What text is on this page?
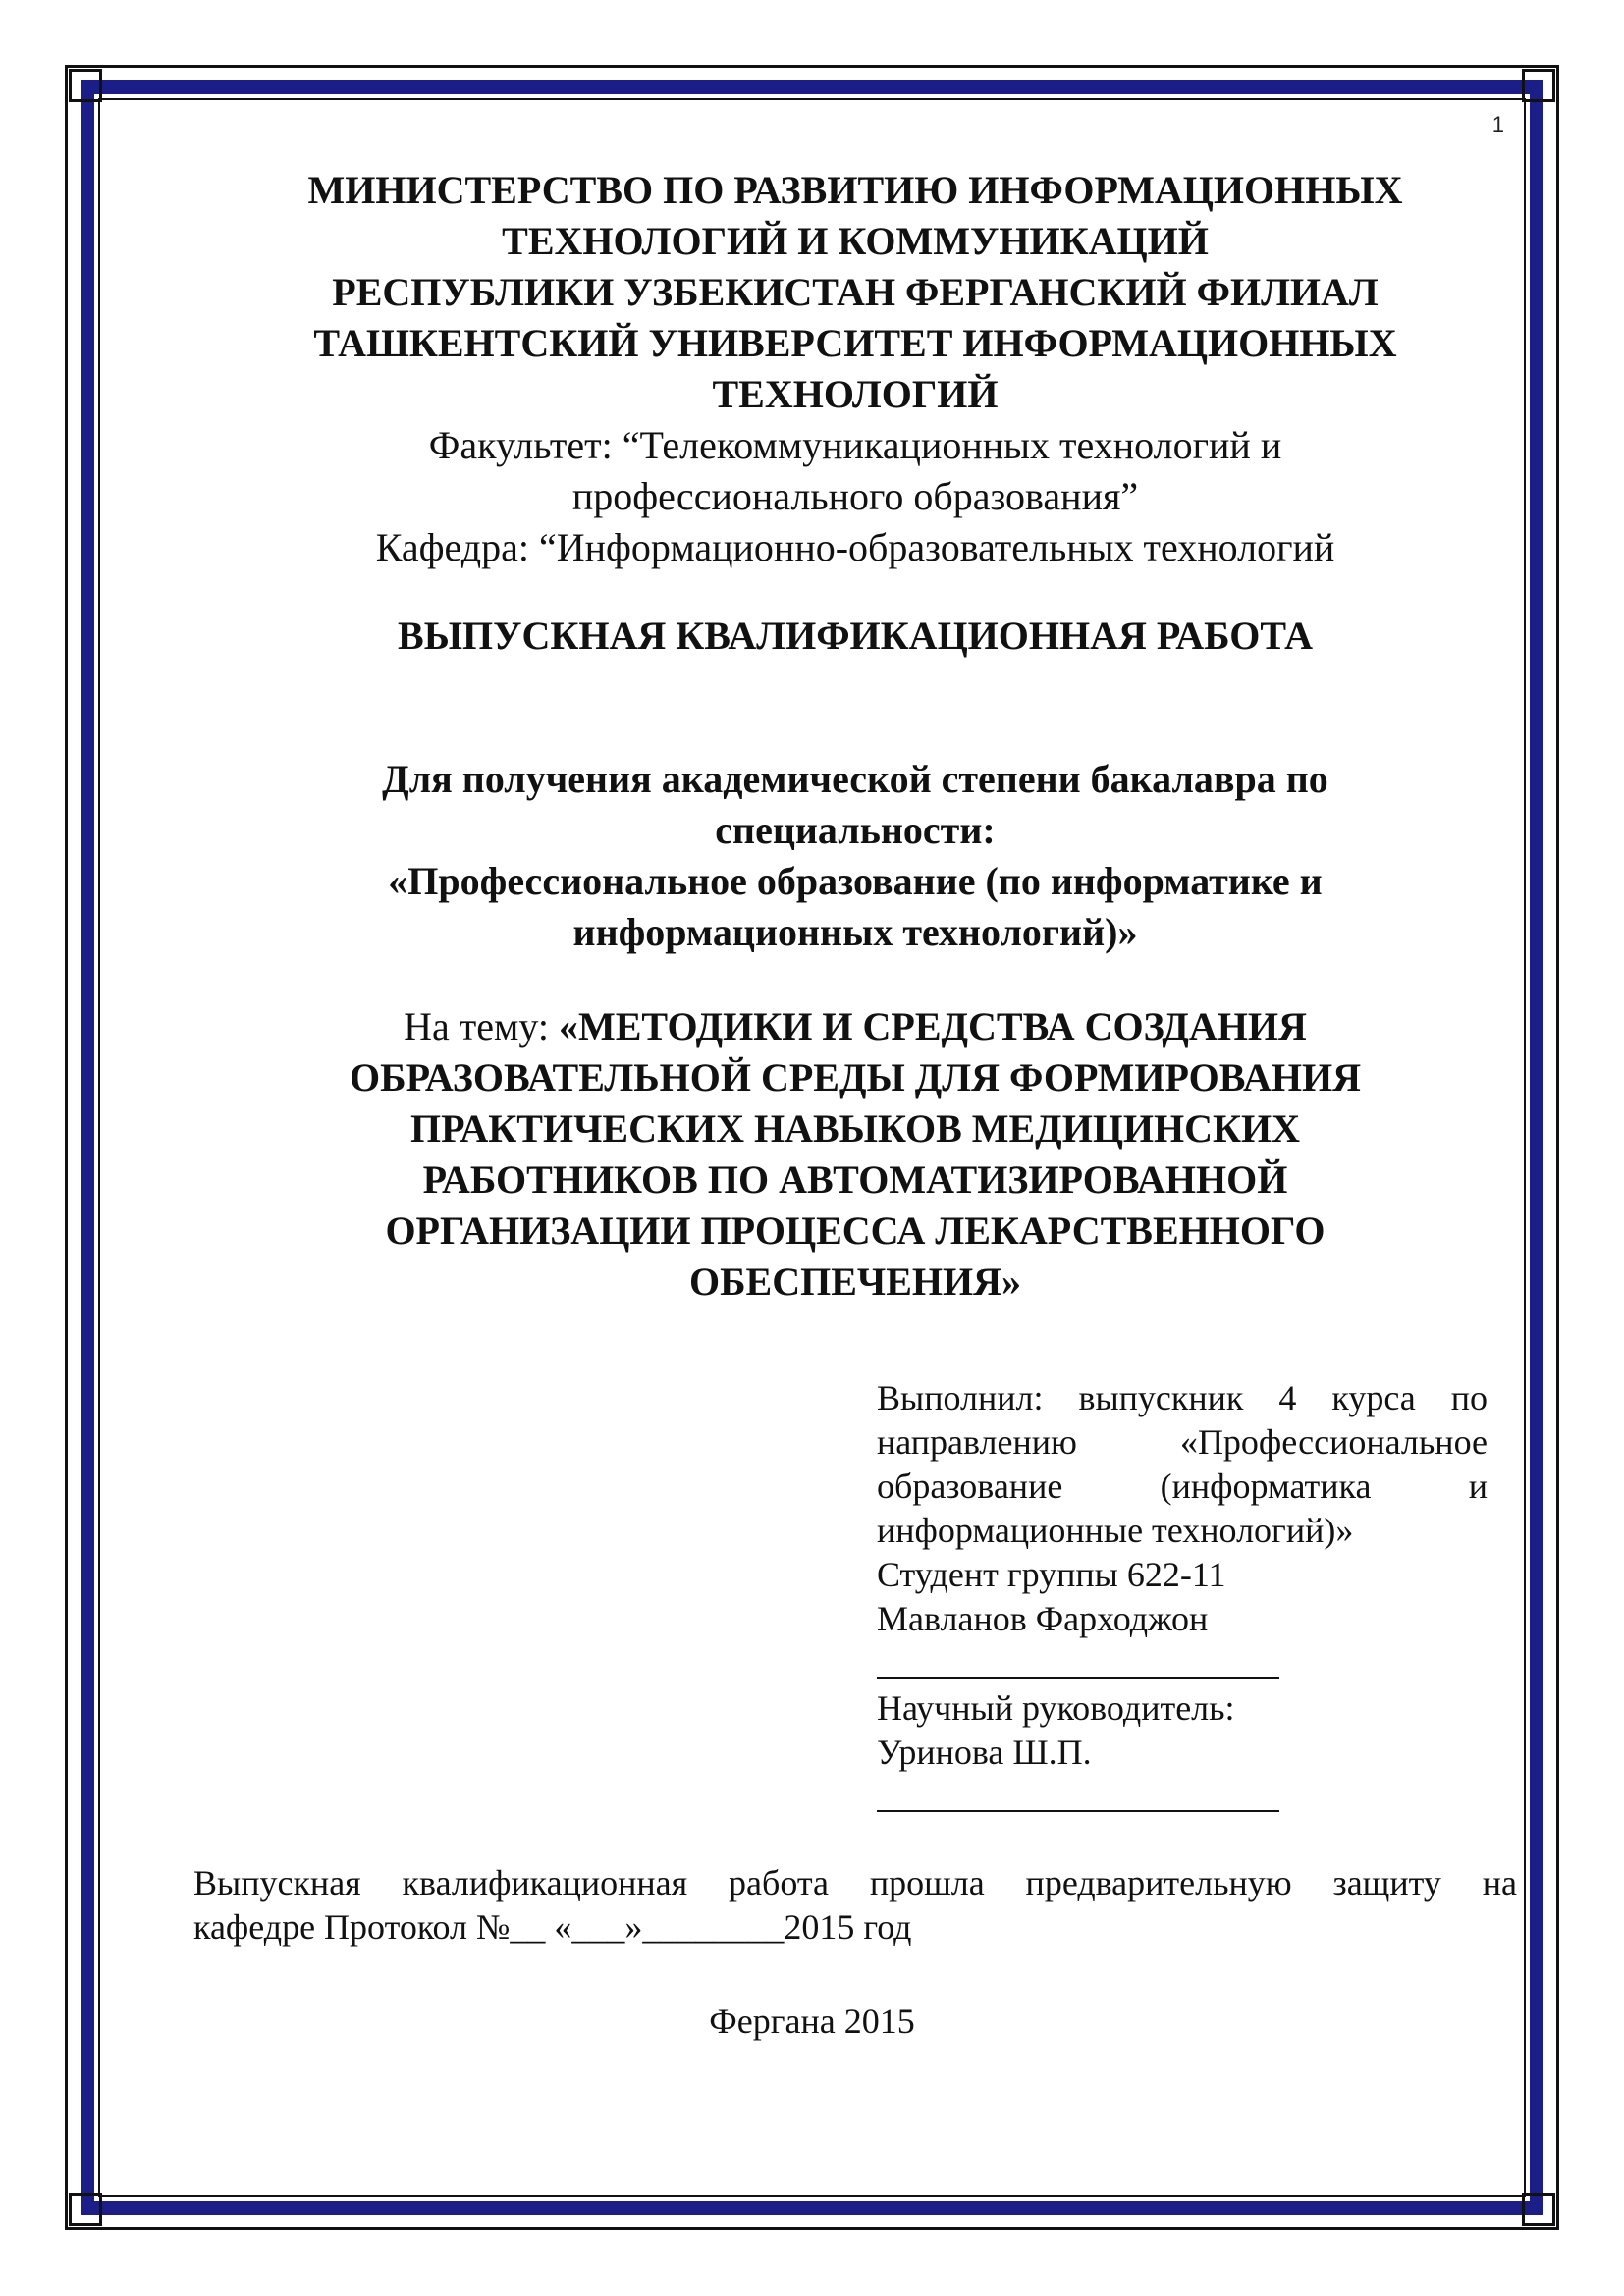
1

МИНИСТЕРСТВО ПО РАЗВИТИЮ ИНФОРМАЦИОННЫХ
ТЕХНОЛОГИЙ И КОММУНИКАЦИЙ
РЕСПУБЛИКИ УЗБЕКИСТАН ФЕРГАНСКИЙ ФИЛИАЛ
ТАШКЕНТСКИЙ УНИВЕРСИТЕТ ИНФОРМАЦИОННЫХ
ТЕХНОЛОГИЙ

Факультет: “Телекоммуникационных технологий и

профессионального образования”

Кафедра: “Информационно-образовательных технологий

ВЫПУСКНАЯ КВАЛИФИКАЦИОННАЯ РАБОТА

Для получения академической степени бакалавра по
специальности:
«Профессиональное образование (по информатике и
информационных технологий)»
На тему: «МЕТОДИКИ И СРЕДСТВА СОЗДАНИЯ
ОБРАЗОВАТЕЛЬНОЙ СРЕДЫ ДЛЯ ФОРМИРОВАНИЯ
ПРАКТИЧЕСКИХ НАВЫКОВ МЕДИЦИНСКИХ
РАБОТНИКОВ ПО АВТОМАТИЗИРОВАННОЙ
ОРГАНИЗАЦИИ ПРОЦЕССА ЛЕКАРСТВЕННОГО
ОБЕСПЕЧЕНИЯ»
Выполнил: выпускник 4 курса по
направлению «Профессиональное
образование (информатика и
информационные технологий)»
Студент группы 622-11
Мавланов Фарходжон
Научный руководитель:
Уринова Ш.П.
Выпускная квалификационная работа прошла предварительную защиту на
кафедре Протокол №__ «___»________2015 год
Фергана 2015
